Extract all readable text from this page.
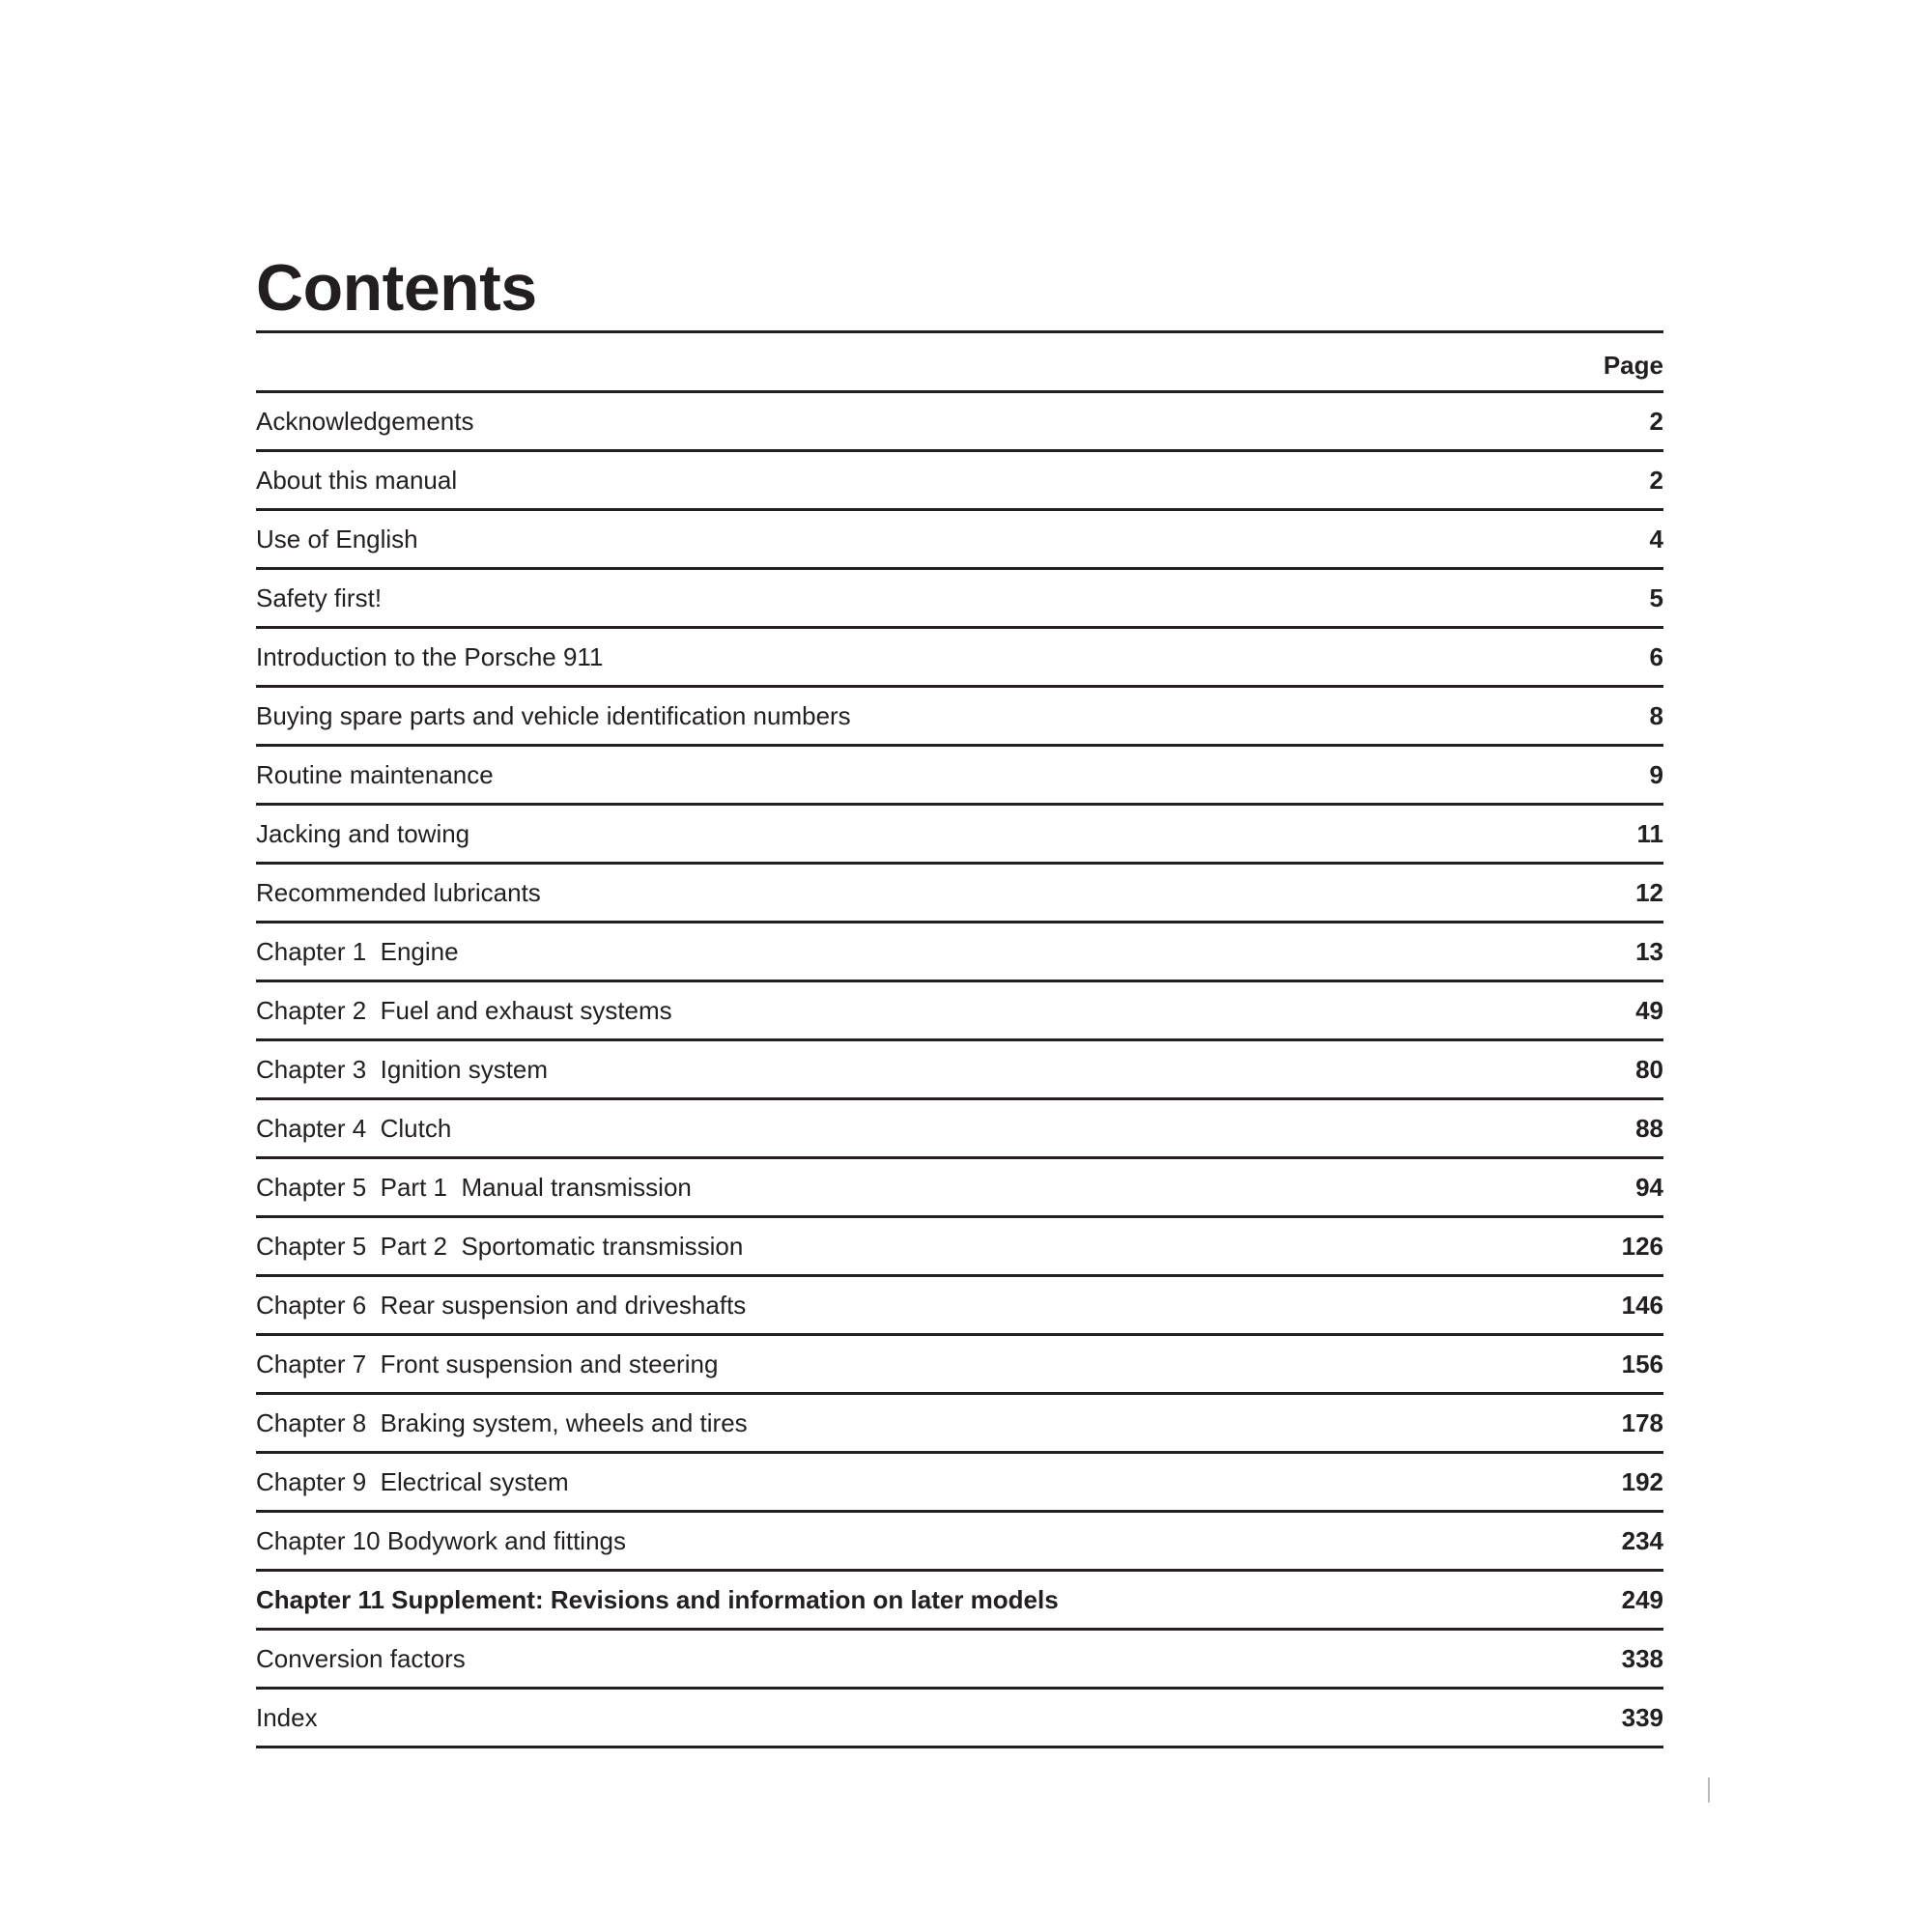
Contents
Page
Acknowledgements	2
About this manual	2
Use of English	4
Safety first!	5
Introduction to the Porsche 911	6
Buying spare parts and vehicle identification numbers	8
Routine maintenance	9
Jacking and towing	11
Recommended lubricants	12
Chapter 1  Engine	13
Chapter 2  Fuel and exhaust systems	49
Chapter 3  Ignition system	80
Chapter 4  Clutch	88
Chapter 5  Part 1  Manual transmission	94
Chapter 5  Part 2  Sportomatic transmission	126
Chapter 6  Rear suspension and driveshafts	146
Chapter 7  Front suspension and steering	156
Chapter 8  Braking system, wheels and tires	178
Chapter 9  Electrical system	192
Chapter 10 Bodywork and fittings	234
Chapter 11 Supplement: Revisions and information on later models	249
Conversion factors	338
Index	339
